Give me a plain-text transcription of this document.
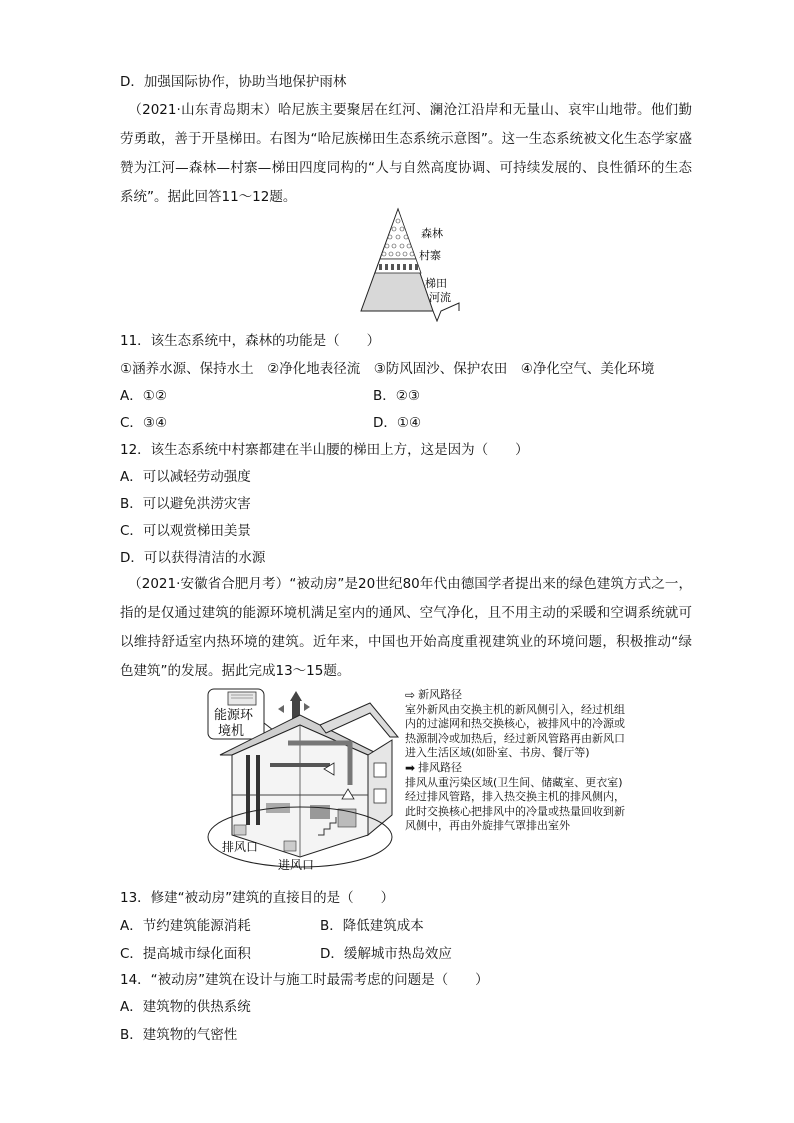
D．加强国际协作，协助当地保护雨林
（2021·山东青岛期末）哈尼族主要聚居在红河、澜沧江沿岸和无量山、哀牢山地带。他们勤劳勇敢，善于开垦梯田。右图为“哈尼族梯田生态系统示意图”。这一生态系统被文化生态学家盛赞为江河—森林—村寨—梯田四度同构的“人与自然高度协调、可持续发展的、良性循环的生态系统”。据此回答11～12题。
森林
村寨
梯田
河流
11．该生态系统中，森林的功能是（　　）
①涵养水源、保持水土　②净化地表径流　③防风固沙、保护农田　④净化空气、美化环境
A．①②	B．②③
C．③④	D．①④
12．该生态系统中村寨都建在半山腰的梯田上方，这是因为（　　）
A．可以减轻劳动强度
B．可以避免洪涝灾害
C．可以观赏梯田美景
D．可以获得清洁的水源
（2021·安徽省合肥月考）“被动房”是20世纪80年代由德国学者提出来的绿色建筑方式之一，指的是仅通过建筑的能源环境机满足室内的通风、空气净化，且不用主动的采暖和空调系统就可以维持舒适室内热环境的建筑。近年来，中国也开始高度重视建筑业的环境问题，积极推动“绿色建筑”的发展。据此完成13～15题。
能源环
境机
排风口
进风口
⇨ 新风路径
室外新风由交换主机的新风侧引入，经过机组内的过滤网和热交换核心，被排风中的冷源或热源制冷或加热后，经过新风管路再由新风口进入生活区域(如卧室、书房、餐厅等)
➡ 排风路径
排风从重污染区域(卫生间、储藏室、更衣室)经过排风管路，排入热交换主机的排风侧内，此时交换核心把排风中的冷量或热量回收到新风侧中，再由外旋排气罩排出室外
13．修建“被动房”建筑的直接目的是（　　）
A．节约建筑能源消耗	B．降低建筑成本
C．提高城市绿化面积	D．缓解城市热岛效应
14．“被动房”建筑在设计与施工时最需考虑的问题是（　　）
A．建筑物的供热系统
B．建筑物的气密性
